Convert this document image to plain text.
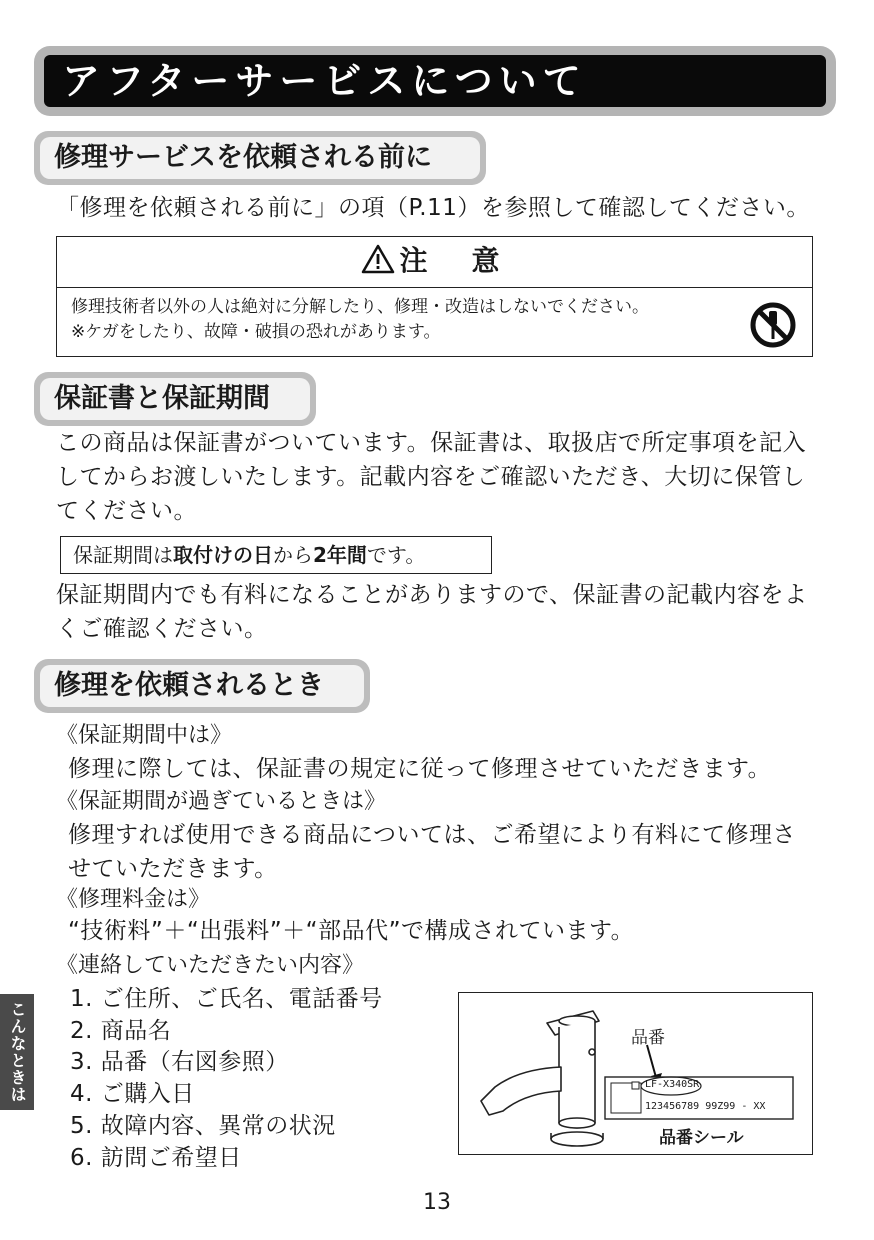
アフターサービスについて
修理サービスを依頼される前に
「修理を依頼される前に」の項（P.11）を参照して確認してください。
注　意
修理技術者以外の人は絶対に分解したり、修理・改造はしないでください。
※ケガをしたり、故障・破損の恐れがあります。
保証書と保証期間
この商品は保証書がついています。保証書は、取扱店で所定事項を記入
してからお渡しいたします。記載内容をご確認いただき、大切に保管し
てください。
保証期間は取付けの日から2年間です。
保証期間内でも有料になることがありますので、保証書の記載内容をよ
くご確認ください。
修理を依頼されるとき
《保証期間中は》
修理に際しては、保証書の規定に従って修理させていただきます。
《保証期間が過ぎているときは》
修理すれば使用できる商品については、ご希望により有料にて修理さ
せていただきます。
《修理料金は》
“技術料”＋“出張料”＋“部品代”で構成されています。
《連絡していただきたい内容》
1. ご住所、ご氏名、電話番号
2. 商品名
3. 品番（右図参照）
4. ご購入日
5. 故障内容、異常の状況
6. 訪問ご希望日
こんなときは	品番
LF-X340SR
123456789 99Z99 - XX
品番シール
13
